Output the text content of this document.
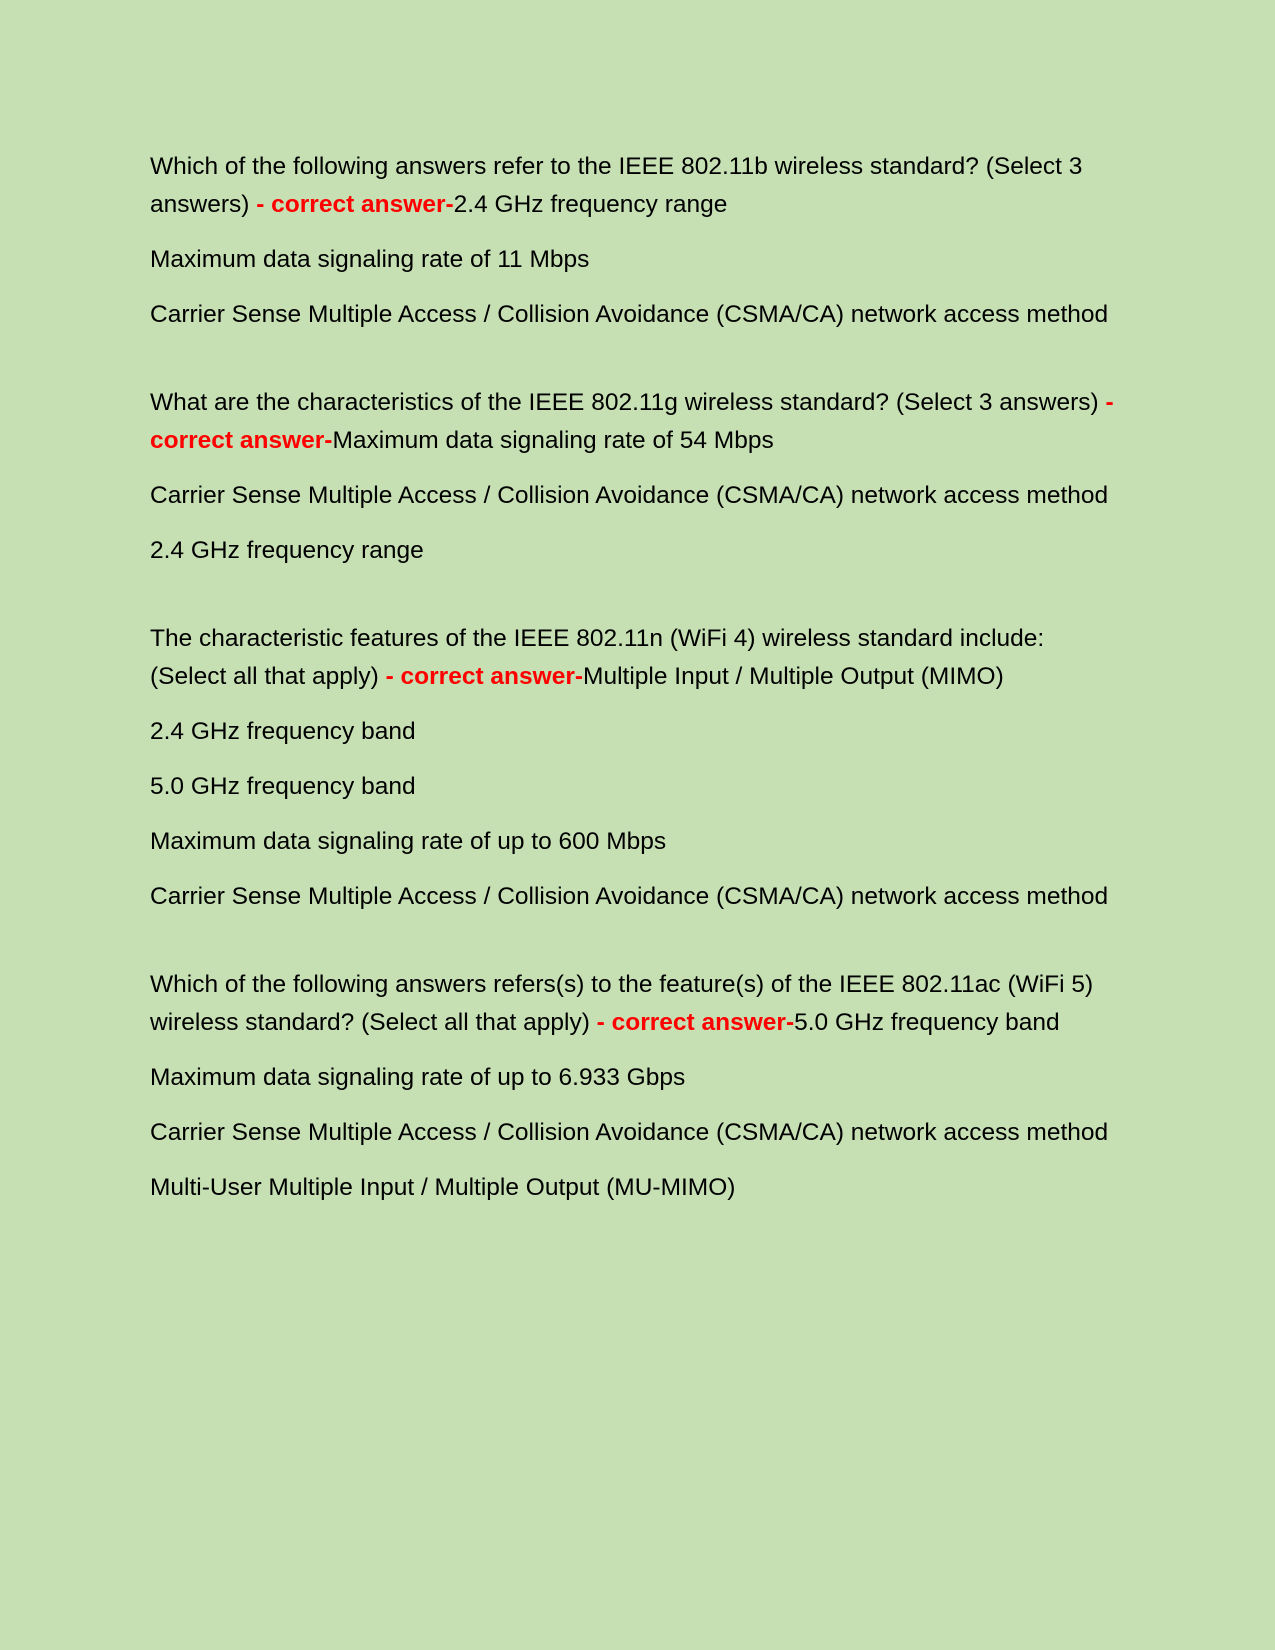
Which of the following answers refer to the IEEE 802.11b wireless standard? (Select 3 answers) - correct answer-2.4 GHz frequency range

Maximum data signaling rate of 11 Mbps

Carrier Sense Multiple Access / Collision Avoidance (CSMA/CA) network access method

What are the characteristics of the IEEE 802.11g wireless standard? (Select 3 answers) - correct answer-Maximum data signaling rate of 54 Mbps

Carrier Sense Multiple Access / Collision Avoidance (CSMA/CA) network access method

2.4 GHz frequency range

The characteristic features of the IEEE 802.11n (WiFi 4) wireless standard include: (Select all that apply) - correct answer-Multiple Input / Multiple Output (MIMO)

2.4 GHz frequency band

5.0 GHz frequency band

Maximum data signaling rate of up to 600 Mbps

Carrier Sense Multiple Access / Collision Avoidance (CSMA/CA) network access method

Which of the following answers refers(s) to the feature(s) of the IEEE 802.11ac (WiFi 5) wireless standard? (Select all that apply) - correct answer-5.0 GHz frequency band

Maximum data signaling rate of up to 6.933 Gbps

Carrier Sense Multiple Access / Collision Avoidance (CSMA/CA) network access method

Multi-User Multiple Input / Multiple Output (MU-MIMO)
